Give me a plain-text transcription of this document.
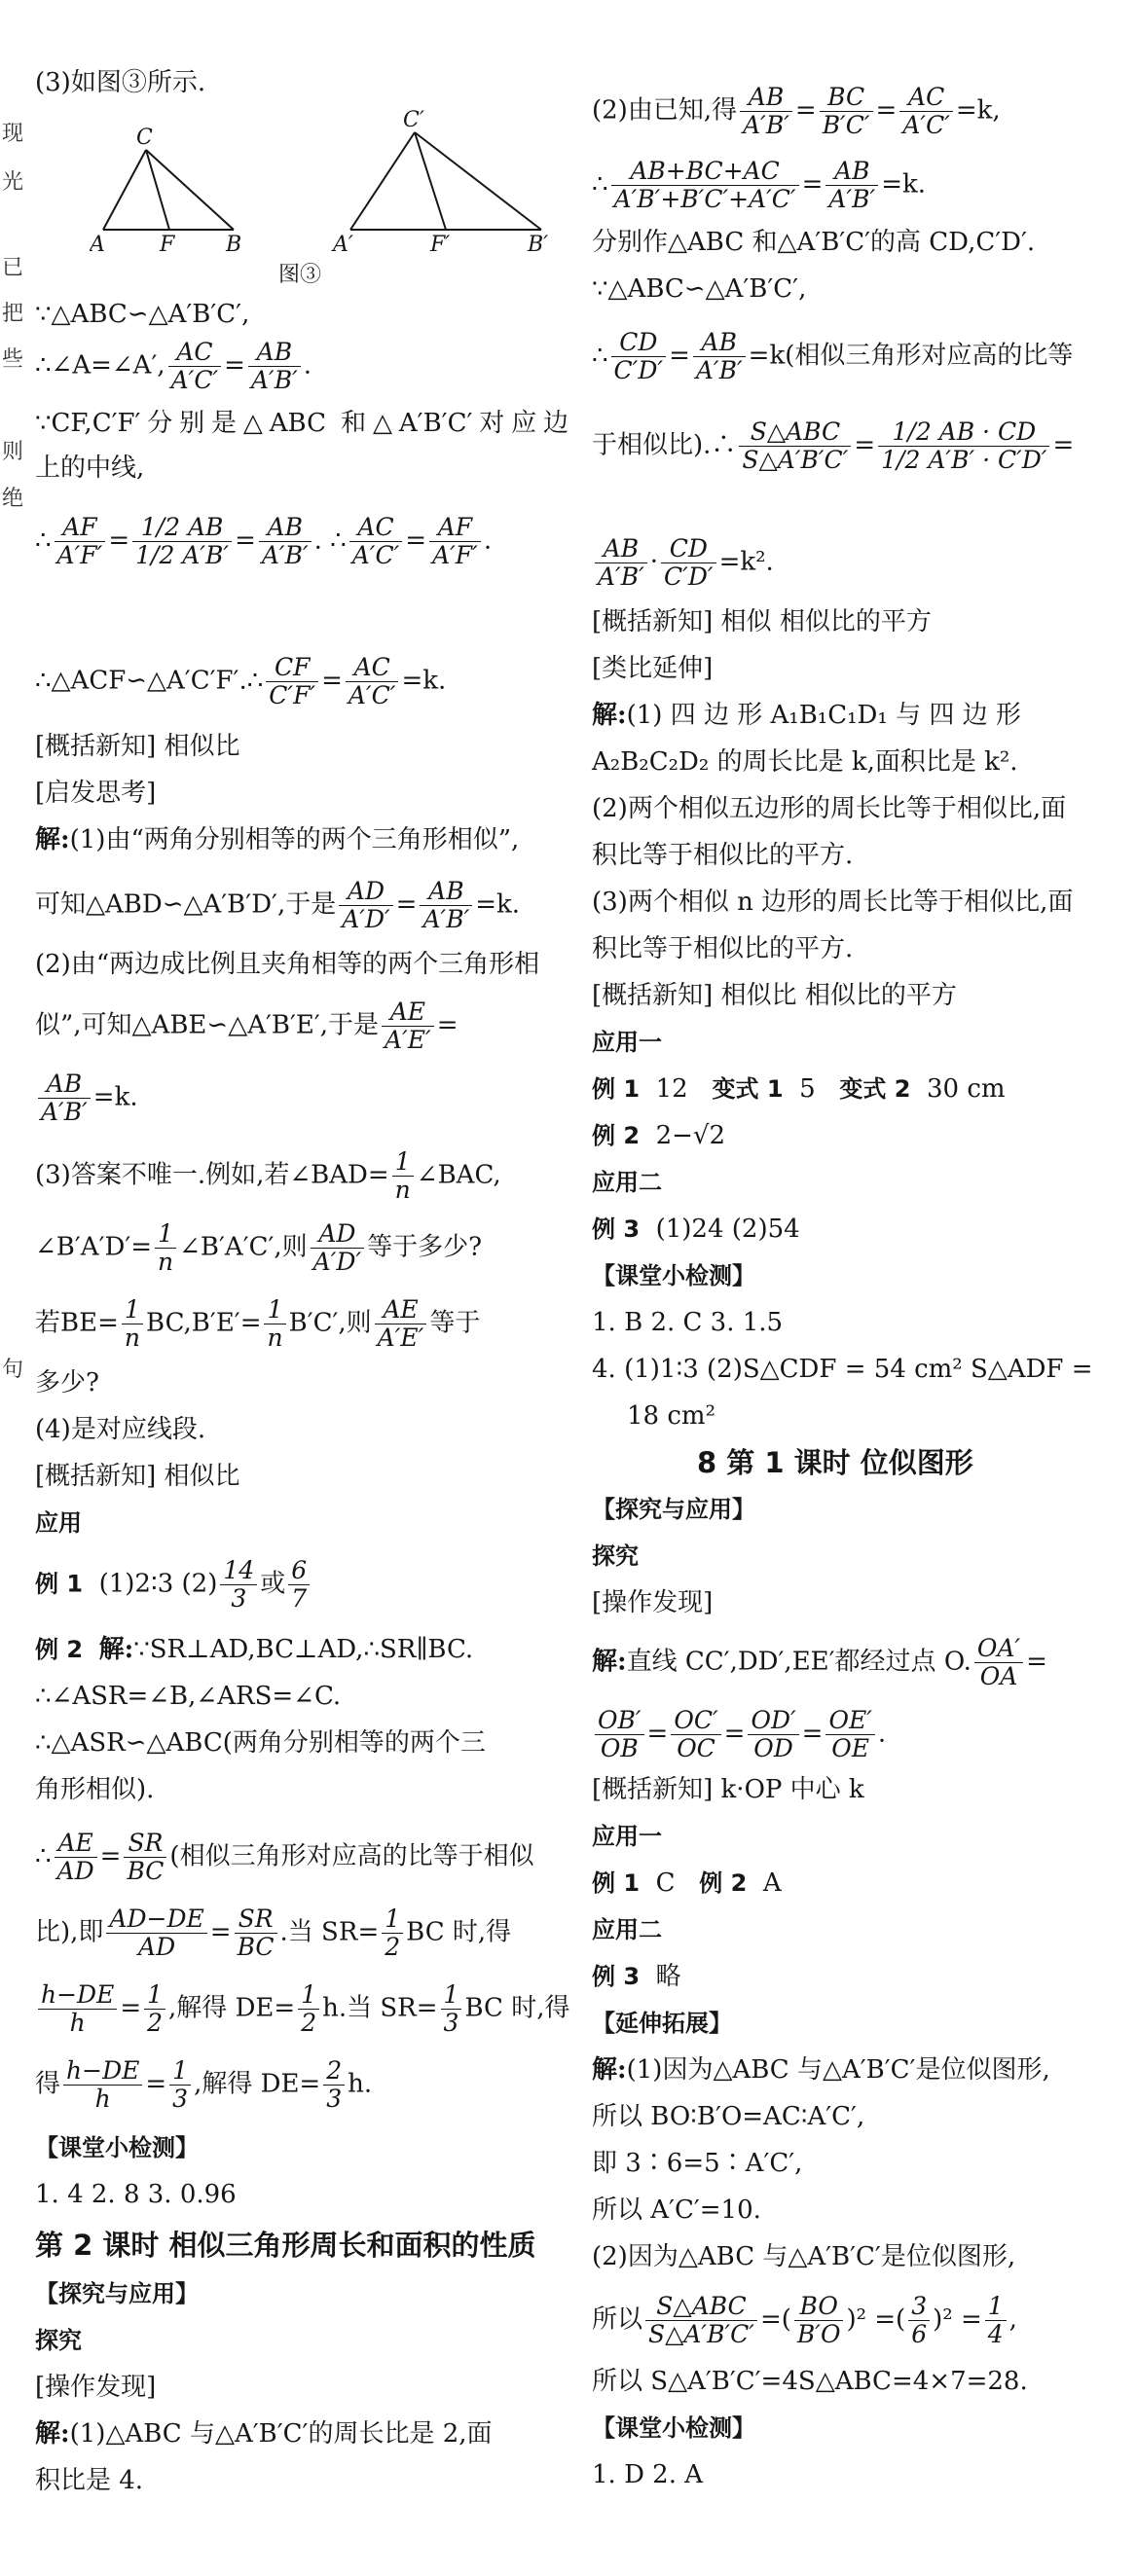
现
光
已
把
些
则
绝
句
(3)如图③所示.
A	F B
C
A′	F′	B′
C′
图③
∵△ABC∽△A′B′C′,
∴∠A=∠A′, $\frac{AC}{A'C'} = \frac{AB}{A'B'}$ .
∵CF,C′F′分别是△ABC 和△A′B′C′对应边
上的中线,
∴ $\frac{AF}{A'F'} = \frac{1/2 AB}{1/2 A'B'} = \frac{AB}{A'B'}$ . ∴ $\frac{AC}{A'C'} = \frac{AF}{A'F'}$ .
∴△ACF∽△A′C′F′.∴ $\frac{CF}{C'F'} = \frac{AC}{A'C'} =k$.
[概括新知] 相似比
[启发思考]
解:(1)由“两角分别相等的两个三角形相似”,
可知△ABD∽△A′B′D′,于是 $\frac{AD}{A'D'} = \frac{AB}{A'B'} =k$.
(2)由“两边成比例且夹角相等的两个三角形相
似”,可知△ABE∽△A′B′E′,于是 $\frac{AE}{A'E'}$ =
$\frac{AB}{A'B'} =k$.
(3)答案不唯一.例如,若∠BAD= $\frac{1}{n}$ ∠BAC,
∠B′A′D′= $\frac{1}{n}$ ∠B′A′C′,则 $\frac{AD}{A'D'}$ 等于多少?
若$BE= \frac{1}{n} BC,B'E'= \frac{1}{n} B'C'$,则 $\frac{AE}{A'E'}$ 等于
多少?
(4)是对应线段.
[概括新知] 相似比
应用
例 1 (1)2∶3 $(2) \frac{14}{3}$ 或 $\frac{6}{7}$
例 2 解:∵SR⊥AD,BC⊥AD,∴SR∥BC.
∴∠ASR=∠B,∠ARS=∠C.
∴△ASR∽△ABC(两角分别相等的两个三
角形相似).
∴ $\frac{AE}{AD} = \frac{SR}{BC}$ (相似三角形对应高的比等于相似
比),即 $\frac{AD-DE}{AD} = \frac{SR}{BC}$ .当 $SR= \frac{1}{2}$ BC 时,得
$\frac{h-DE}{h} = \frac{1}{2}$ ,解得 $DE= \frac{1}{2} h$.当 $SR= \frac{1}{3}$ BC 时,得
得 $\frac{h-DE}{h} = \frac{1}{3}$ ,解得 $DE= \frac{2}{3} h$.
【课堂小检测】
1. 4 2. 8 3. 0.96
第 2 课时 相似三角形周长和面积的性质
【探究与应用】
探究
[操作发现]
解:(1)△ABC 与△A′B′C′的周长比是 2,面
积比是 4.
(2)由已知,得 $\frac{AB}{A'B'} = \frac{BC}{B'C'} = \frac{AC}{A'C'} =k$,
∴ $\frac{AB+BC+AC}{A'B'+B'C'+A'C'} = \frac{AB}{A'B'} =k$.
分别作△ABC 和△A′B′C′的高 CD,C′D′.
∵△ABC∽△A′B′C′,
∴ $\frac{CD}{C'D'} = \frac{AB}{A'B'} =k$(相似三角形对应高的比等
于相似比).∴ $\frac{\text{S△ABC}}{S\triangle A'B'C'} = \frac{1/2 AB \cdot CD}{1/2 A'B' \cdot C'D'}$ =
$\frac{AB}{A'B'} \cdot \frac{CD}{C'D'} =k^2$.
[概括新知] 相似 相似比的平方
[类比延伸]
解:(1) 四 边 形 A₁B₁C₁D₁ 与 四 边 形
A₂B₂C₂D₂ 的周长比是 k,面积比是 k².
(2)两个相似五边形的周长比等于相似比,面
积比等于相似比的平方.
(3)两个相似 n 边形的周长比等于相似比,面
积比等于相似比的平方.
[概括新知] 相似比 相似比的平方
应用一
例 1 12 变式 1 5 变式 2 30 cm
例 2 2−√2
应用二
例 3 (1)24 (2)54
【课堂小检测】
1. B 2. C 3. 1.5
4. (1)1∶3 (2)S△CDF = 54 cm² S△ADF =
18 cm²
8 第 1 课时 位似图形
【探究与应用】
探究
[操作发现]
解:直线 CC′,DD′,EE′都经过点 O. $\frac{OA'}{OA}$ =
$\frac{OB'}{OB} = \frac{OC'}{OC} = \frac{OD'}{OD} = \frac{OE'}{OE}$ .
[概括新知] k·OP 中心 k
应用一
例 1 C 例 2 A
应用二
例 3 略
【延伸拓展】
解:(1)因为△ABC 与△A′B′C′是位似图形,
所以 BO∶B′O=AC∶A′C′,
即 3∶6=5∶A′C′,
所以 A′C′=10.
(2)因为△ABC 与△A′B′C′是位似图形,
所以 $\frac{\text{S△ABC}}{S\triangle A'B'C'}$ =( $\frac{BO}{B'O} )^2$ =( $\frac{3}{6} )^2 = \frac{1}{4}$ ,
所以 S△A′B′C′=4S△ABC=4×7=28.
【课堂小检测】
1. D 2. A
